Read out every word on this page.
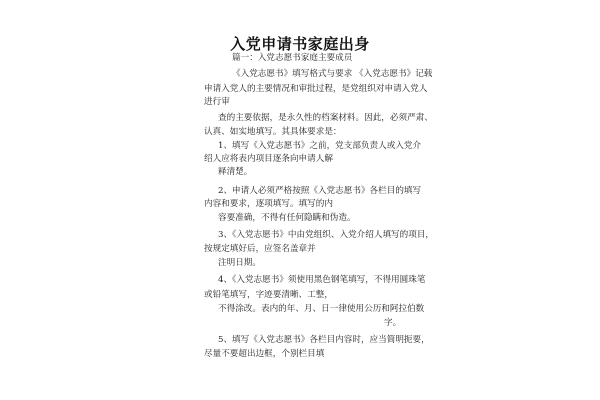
入党申请书家庭出身
篇一：入党志愿书家庭主要成员
《入党志愿书》填写格式与要求 《入党志愿书》记载
申请入党人的主要情况和审批过程，是党组织对申请入党人
进行审
查的主要依据，是永久性的档案材料。因此，必须严肃、
认真、如实地填写。其具体要求是：
1、填写《入党志愿书》之前，党支部负责人或入党介
绍人应将表内项目逐条向申请人解
释清楚。
2、申请人必须严格按照《入党志愿书》各栏目的填写
内容和要求，逐项填写。填写的内
容要准确，不得有任何隐瞒和伪造。
3、《入党志愿书》中由党组织、入党介绍人填写的项目，
按规定填好后，应签名盖章并
注明日期。
4、《入党志愿书》须使用黑色钢笔填写，不得用圆珠笔
或铅笔填写，字迹要清晰、工整，
不得涂改。表内的年、月、日一律使用公历和阿拉伯数
字。
5、填写《入党志愿书》各栏目内容时，应当简明扼要，
尽量不要超出边框，个别栏目填
